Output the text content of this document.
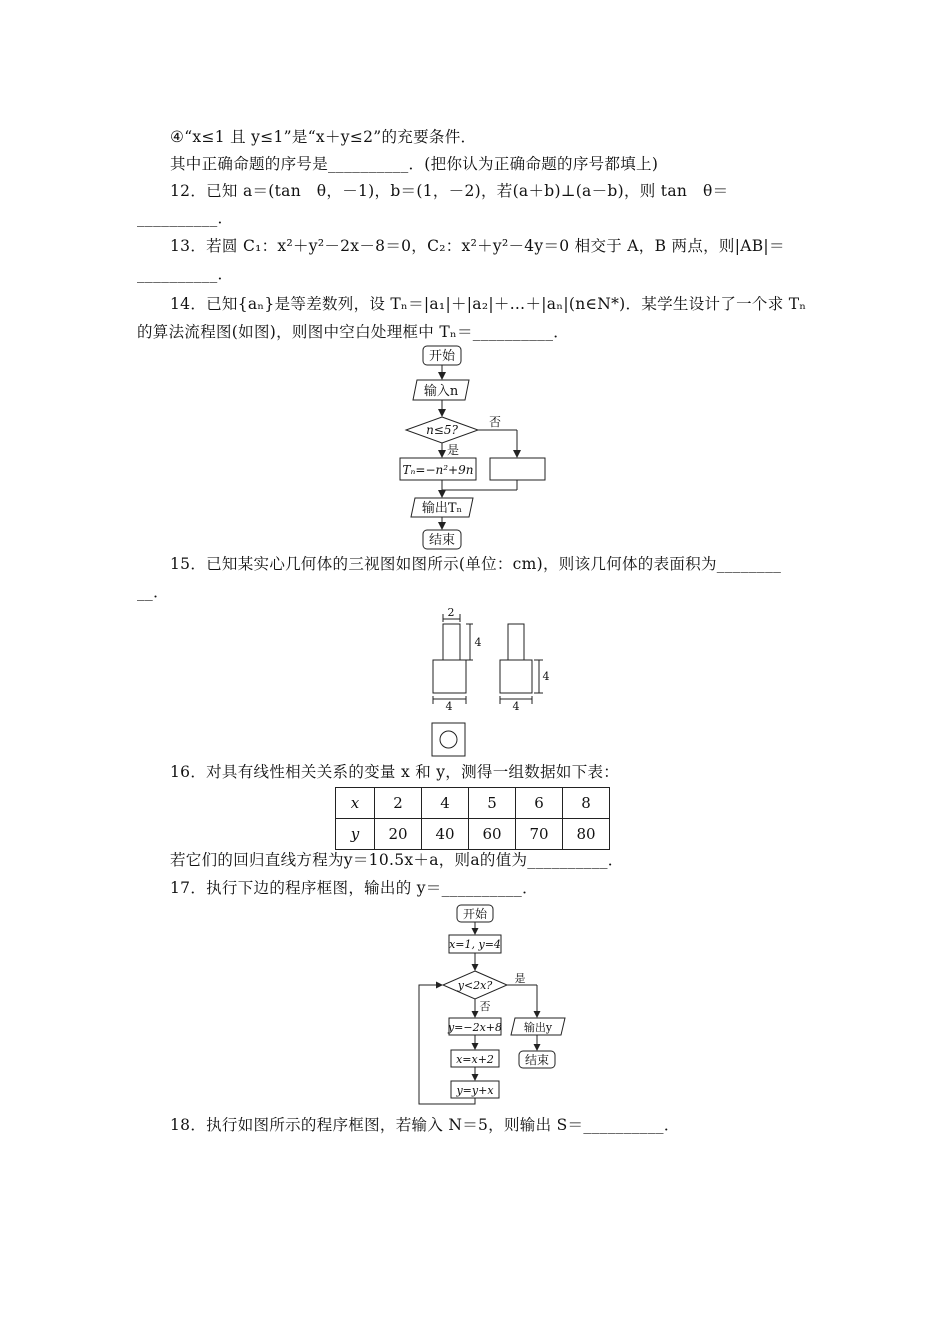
④“x≤1 且 y≤1”是“x＋y≤2”的充要条件．
其中正确命题的序号是__________．(把你认为正确命题的序号都填上)
12．已知 a＝(tan　θ，－1)，b＝(1，－2)，若(a＋b)⊥(a－b)，则 tan　θ＝
__________．
13．若圆 C₁：x²＋y²－2x－8＝0，C₂：x²＋y²－4y＝0 相交于 A，B 两点，则|AB|＝
__________．
14．已知{aₙ}是等差数列，设 Tₙ＝|a₁|＋|a₂|＋…＋|aₙ|(n∈N*)．某学生设计了一个求 Tₙ
的算法流程图(如图)，则图中空白处理框中 Tₙ＝__________．
开始
输入n
n≤5?
否
是
Tₙ=−n²+9n
输出Tₙ
结束
15．已知某实心几何体的三视图如图所示(单位：cm)，则该几何体的表面积为________
__．
2
4
4
4
4
16．对具有线性相关关系的变量 x 和 y，测得一组数据如下表：
x	2	4	5	6	8
y	20	40	60	70	80
若它们的回归直线方程为y＝10.5x＋a，则a的值为__________．
17．执行下边的程序框图，输出的 y＝__________．
开始
x=1, y=4
y<2x?
是
否
y=−2x+8 输出y
结束
x=x+2
y=y+x
18．执行如图所示的程序框图，若输入 N＝5，则输出 S＝__________．
